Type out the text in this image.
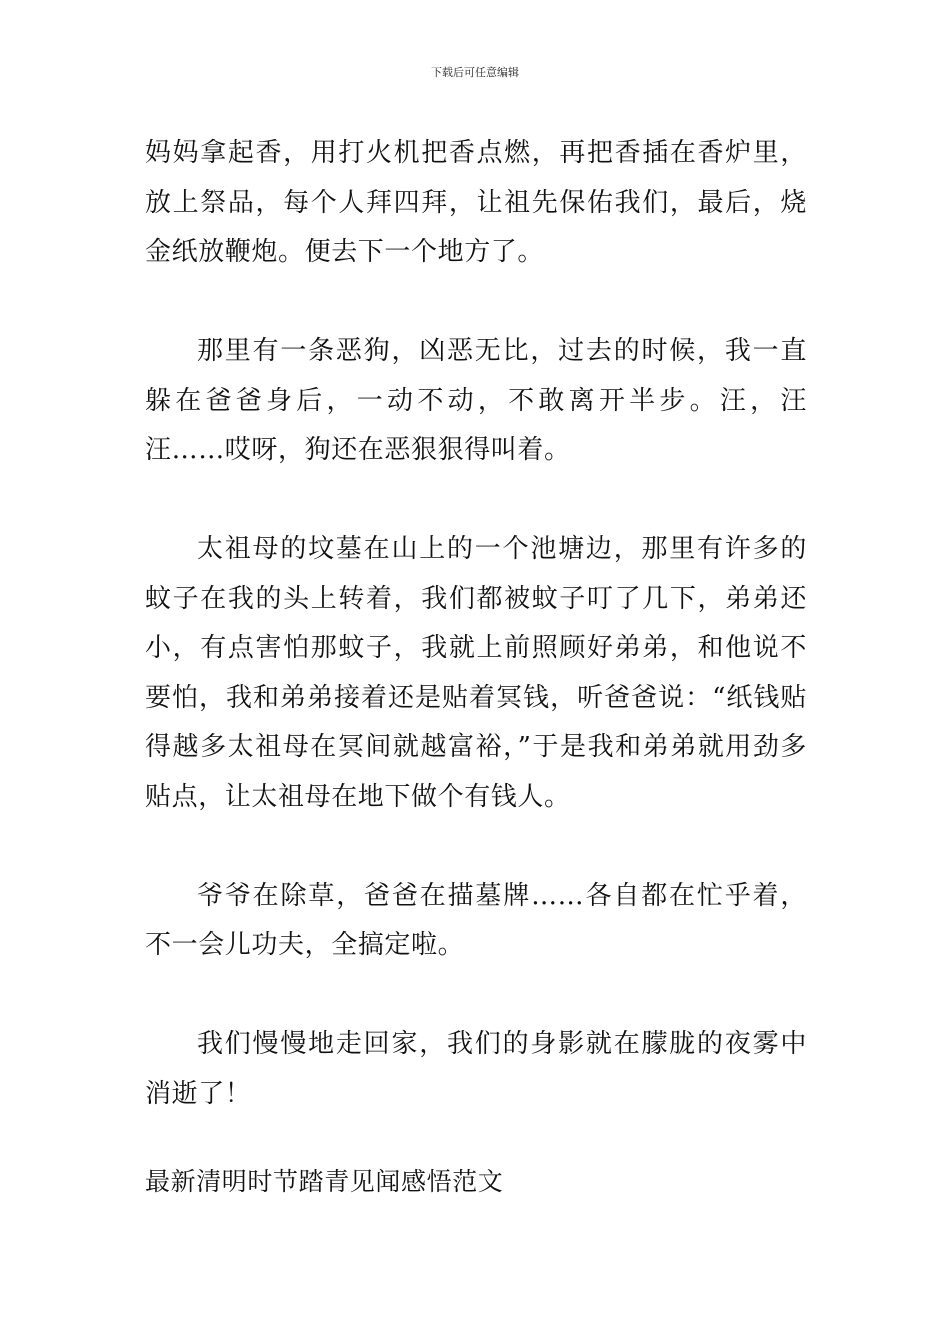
下载后可任意编辑

妈妈拿起香，用打火机把香点燃，再把香插在香炉里，放上祭品，每个人拜四拜，让祖先保佑我们，最后，烧金纸放鞭炮。便去下一个地方了。

那里有一条恶狗，凶恶无比，过去的时候，我一直躲在爸爸身后，一动不动，不敢离开半步。汪，汪汪……哎呀，狗还在恶狠狠得叫着。

太祖母的坟墓在山上的一个池塘边，那里有许多的蚊子在我的头上转着，我们都被蚊子叮了几下，弟弟还小，有点害怕那蚊子，我就上前照顾好弟弟，和他说不要怕，我和弟弟接着还是贴着冥钱，听爸爸说：“纸钱贴得越多太祖母在冥间就越富裕，”于是我和弟弟就用劲多贴点，让太祖母在地下做个有钱人。

爷爷在除草，爸爸在描墓牌……各自都在忙乎着，不一会儿功夫，全搞定啦。

我们慢慢地走回家，我们的身影就在朦胧的夜雾中消逝了！

最新清明时节踏青见闻感悟范文
